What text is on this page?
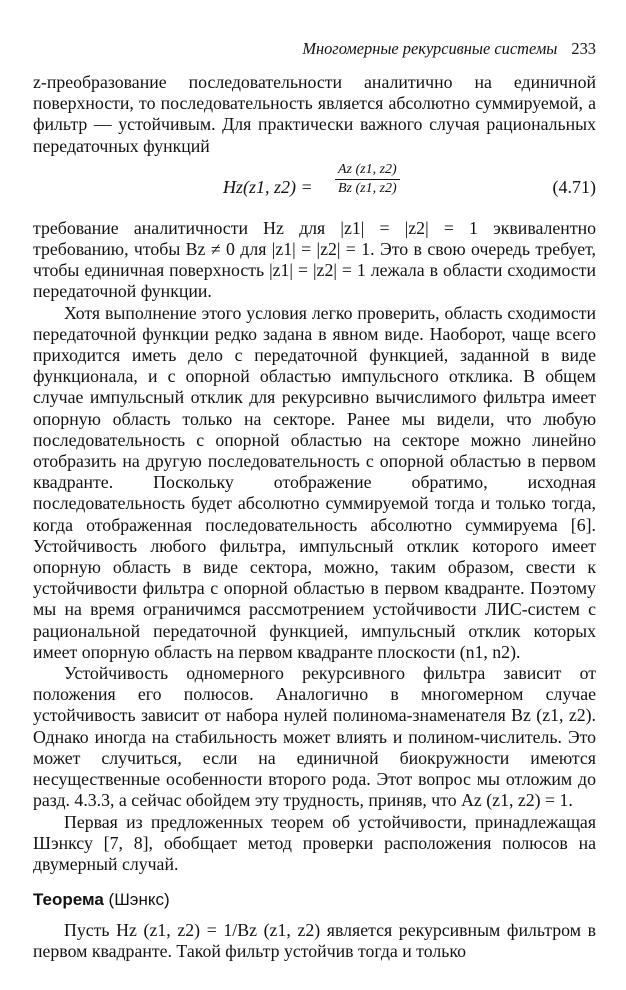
Многомерные рекурсивные системы 233

z-преобразование последовательности аналитично на единичной поверхности, то последовательность является абсолютно суммируемой, а фильтр — устойчивым. Для практически важного случая рациональных передаточных функций

Hz(z1, $z2) = \frac{Az (z1, z2)}{Bz (z1, z2)}$	(4.71)

требование аналитичности Hz для |z1| = |z2| = 1 эквивалентно требованию, чтобы Bz ≠ 0 для |z1| = |z2| = 1. Это в свою очередь требует, чтобы единичная поверхность |z1| = |z2| = 1 лежала в области сходимости передаточной функции.

Хотя выполнение этого условия легко проверить, область сходимости передаточной функции редко задана в явном виде. Наоборот, чаще всего приходится иметь дело с передаточной функцией, заданной в виде функционала, и с опорной областью импульсного отклика. В общем случае импульсный отклик для рекурсивно вычислимого фильтра имеет опорную область только на секторе. Ранее мы видели, что любую последовательность с опорной областью на секторе можно линейно отобразить на другую последовательность с опорной областью в первом квадранте. Поскольку отображение обратимо, исходная последовательность будет абсолютно суммируемой тогда и только тогда, когда отображенная последовательность абсолютно суммируема [6]. Устойчивость любого фильтра, импульсный отклик которого имеет опорную область в виде сектора, можно, таким образом, свести к устойчивости фильтра с опорной областью в первом квадранте. Поэтому мы на время ограничимся рассмотрением устойчивости ЛИС-систем с рациональной передаточной функцией, импульсный отклик которых имеет опорную область на первом квадранте плоскости (n1, n2).

Устойчивость одномерного рекурсивного фильтра зависит от положения его полюсов. Аналогично в многомерном случае устойчивость зависит от набора нулей полинома-знаменателя Bz (z1, z2). Однако иногда на стабильность может влиять и полином-числитель. Это может случиться, если на единичной биокружности имеются несущественные особенности второго рода. Этот вопрос мы отложим до разд. 4.3.3, а сейчас обойдем эту трудность, приняв, что Az (z1, z2) = 1.

Первая из предложенных теорем об устойчивости, принадлежащая Шэнксу [7, 8], обобщает метод проверки расположения полюсов на двумерный случай.

Теорема (Шэнкс)

Пусть Hz (z1, z2) = 1/Bz (z1, z2) является рекурсивным фильтром в первом квадранте. Такой фильтр устойчив тогда и только
